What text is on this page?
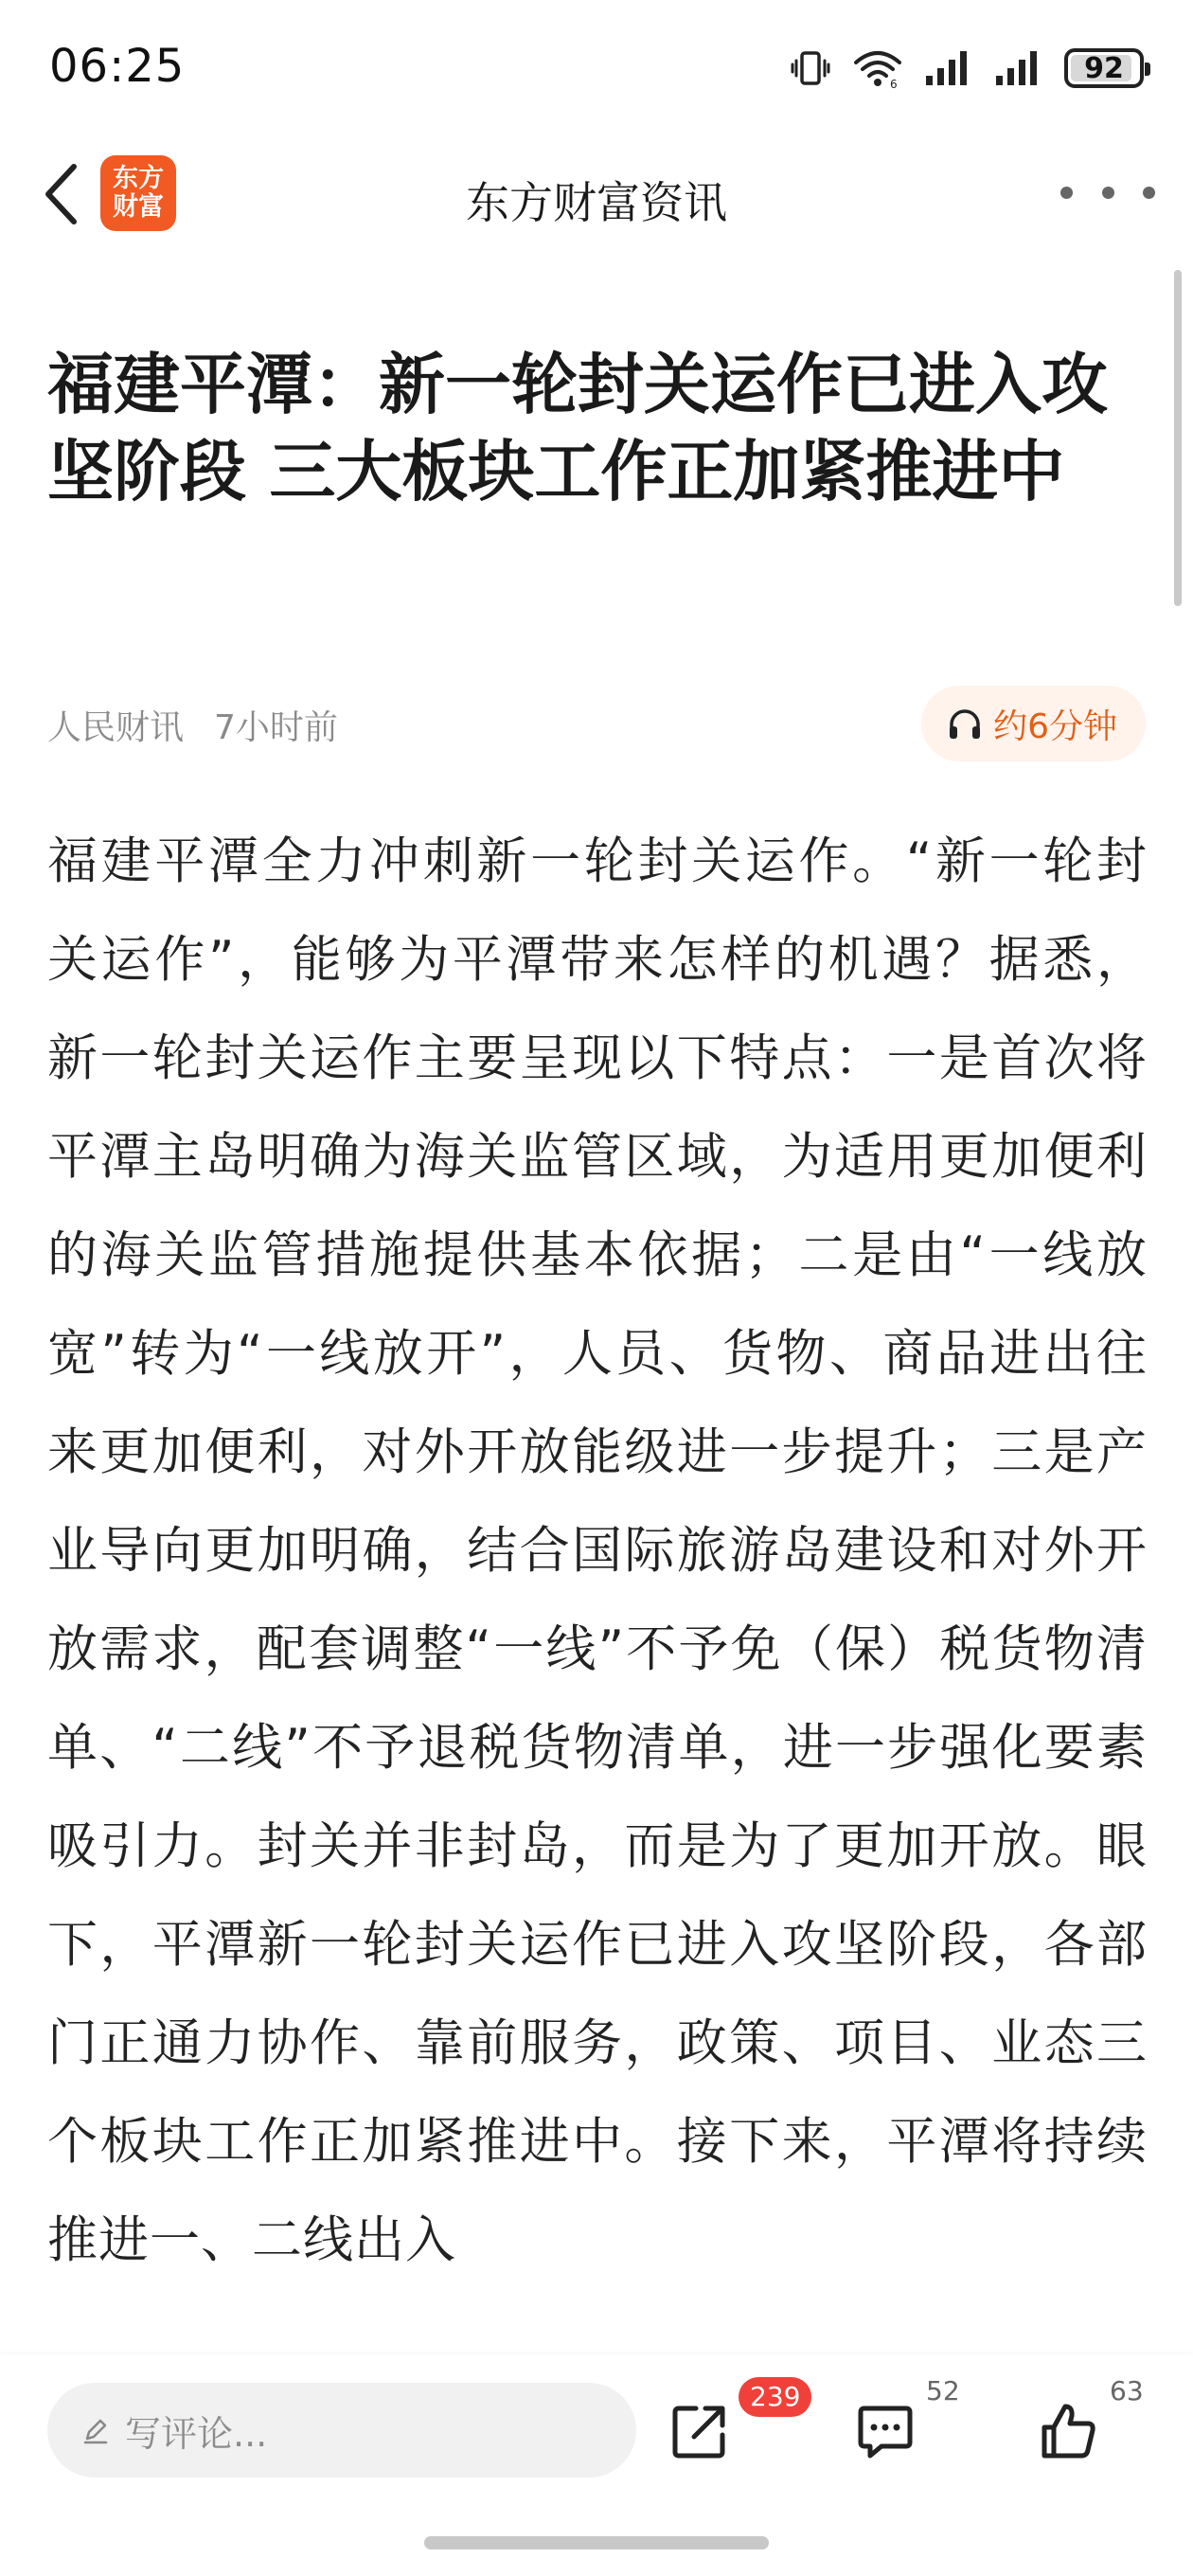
06:25	6	92
东方
财富	东方财富资讯
福建平潭：新一轮封关运作已进入攻坚阶段 三大板块工作正加紧推进中
人民财讯 7小时前	约6分钟
福建平潭全力冲刺新一轮封关运作。“新一轮封关运作”，能够为平潭带来怎样的机遇？据悉，新一轮封关运作主要呈现以下特点：一是首次将平潭主岛明确为海关监管区域，为适用更加便利的海关监管措施提供基本依据；二是由“一线放宽”转为“一线放开”，人员、货物、商品进出往来更加便利，对外开放能级进一步提升；三是产业导向更加明确，结合国际旅游岛建设和对外开放需求，配套调整“一线”不予免（保）税货物清单、“二线”不予退税货物清单，进一步强化要素吸引力。封关并非封岛，而是为了更加开放。眼下，平潭新一轮封关运作已进入攻坚阶段，各部门正通力协作、靠前服务，政策、项目、业态三个板块工作正加紧推进中。接下来，平潭将持续推进一、二线出入
写评论...
239	52	63
